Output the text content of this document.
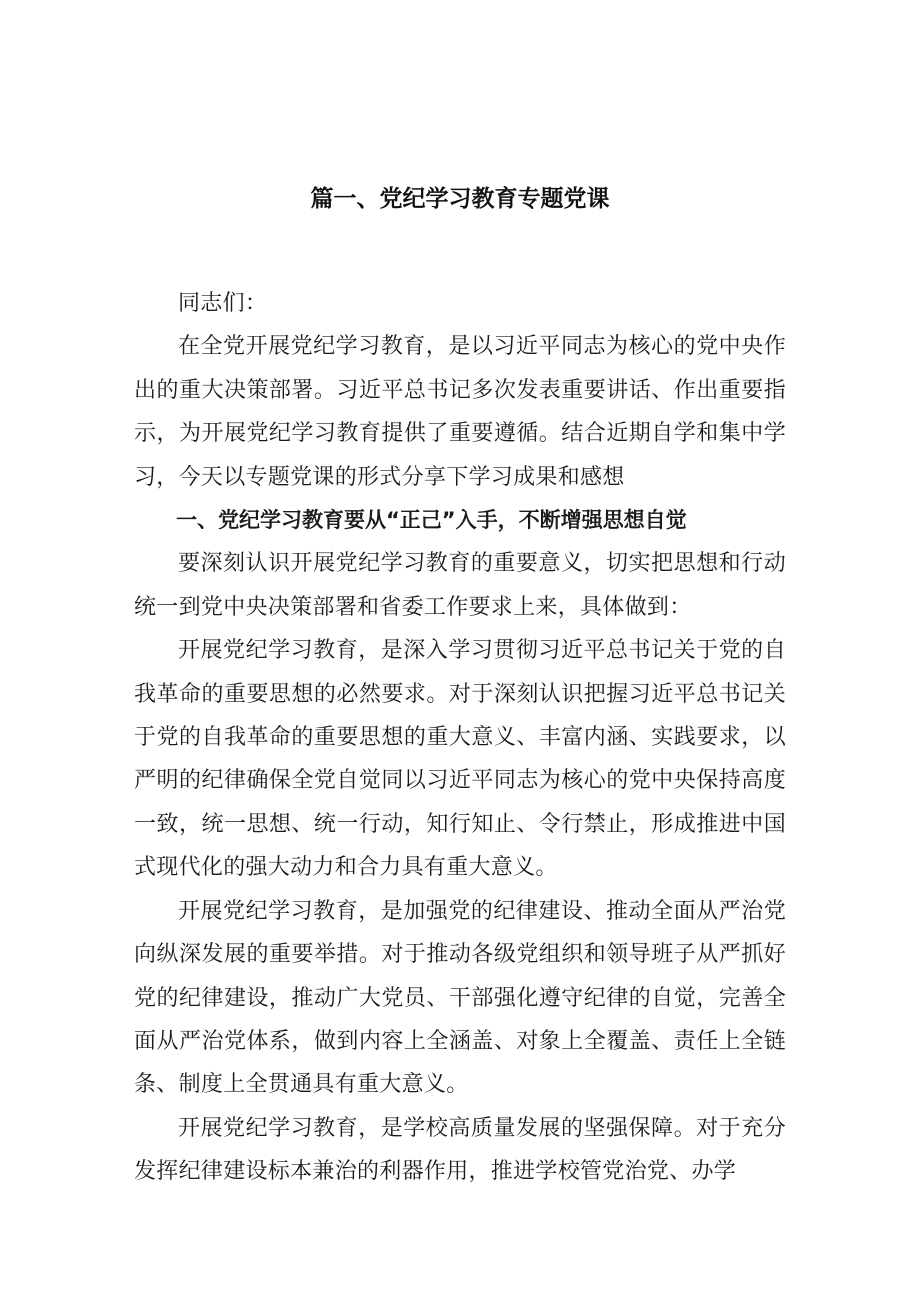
篇一、党纪学习教育专题党课

同志们：

在全党开展党纪学习教育，是以习近平同志为核心的党中央作出的重大决策部署。习近平总书记多次发表重要讲话、作出重要指示，为开展党纪学习教育提供了重要遵循。结合近期自学和集中学习，今天以专题党课的形式分享下学习成果和感想

一、党纪学习教育要从“正己”入手，不断增强思想自觉

要深刻认识开展党纪学习教育的重要意义，切实把思想和行动统一到党中央决策部署和省委工作要求上来，具体做到：

开展党纪学习教育，是深入学习贯彻习近平总书记关于党的自我革命的重要思想的必然要求。对于深刻认识把握习近平总书记关于党的自我革命的重要思想的重大意义、丰富内涵、实践要求，以严明的纪律确保全党自觉同以习近平同志为核心的党中央保持高度一致，统一思想、统一行动，知行知止、令行禁止，形成推进中国式现代化的强大动力和合力具有重大意义。

开展党纪学习教育，是加强党的纪律建设、推动全面从严治党向纵深发展的重要举措。对于推动各级党组织和领导班子从严抓好党的纪律建设，推动广大党员、干部强化遵守纪律的自觉，完善全面从严治党体系，做到内容上全涵盖、对象上全覆盖、责任上全链条、制度上全贯通具有重大意义。

开展党纪学习教育，是学校高质量发展的坚强保障。对于充分发挥纪律建设标本兼治的利器作用，推进学校管党治党、办学
